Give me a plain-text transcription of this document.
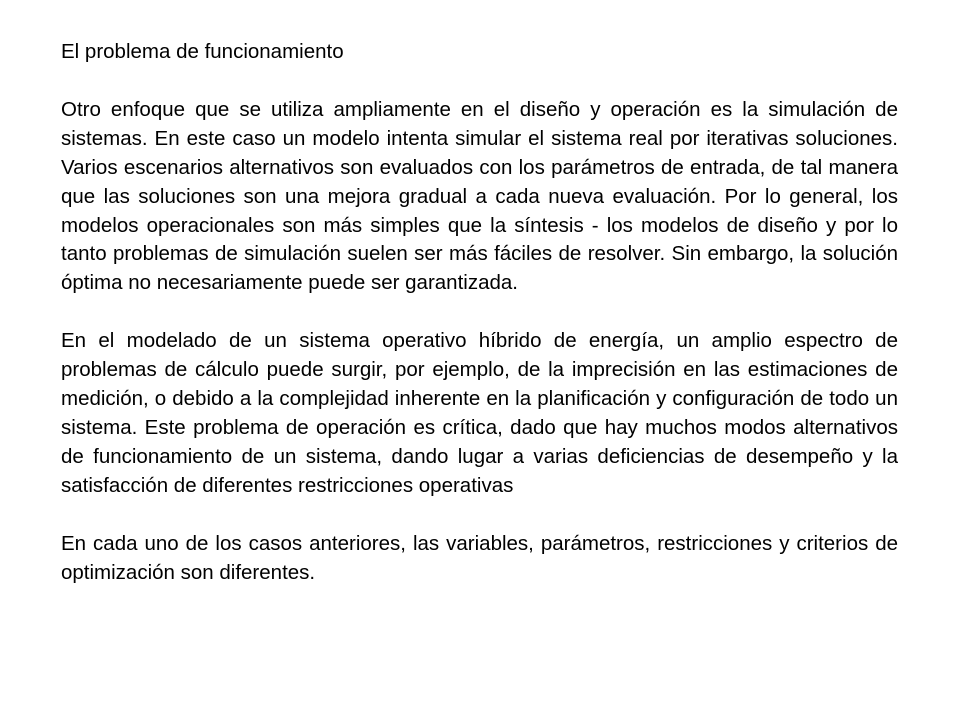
El problema de funcionamiento

Otro enfoque que se utiliza ampliamente en el diseño y operación es la simulación de sistemas. En este caso un modelo intenta simular el sistema real por iterativas soluciones. Varios escenarios alternativos son evaluados con los parámetros de entrada, de tal manera que las soluciones son una mejora gradual a cada nueva evaluación. Por lo general, los modelos operacionales son más simples que la síntesis - los modelos de diseño y por lo tanto problemas de simulación suelen ser más fáciles de resolver. Sin embargo, la solución óptima no necesariamente puede ser garantizada.

En el modelado de un sistema operativo híbrido de energía, un amplio espectro de problemas de cálculo puede surgir, por ejemplo, de la imprecisión en las estimaciones de medición, o debido a la complejidad inherente en la planificación y configuración de todo un sistema. Este problema de operación es crítica, dado que hay muchos modos alternativos de funcionamiento de un sistema, dando lugar a varias deficiencias de desempeño y la satisfacción de diferentes restricciones operativas

En cada uno de los casos anteriores, las variables, parámetros, restricciones y criterios de optimización son diferentes.
